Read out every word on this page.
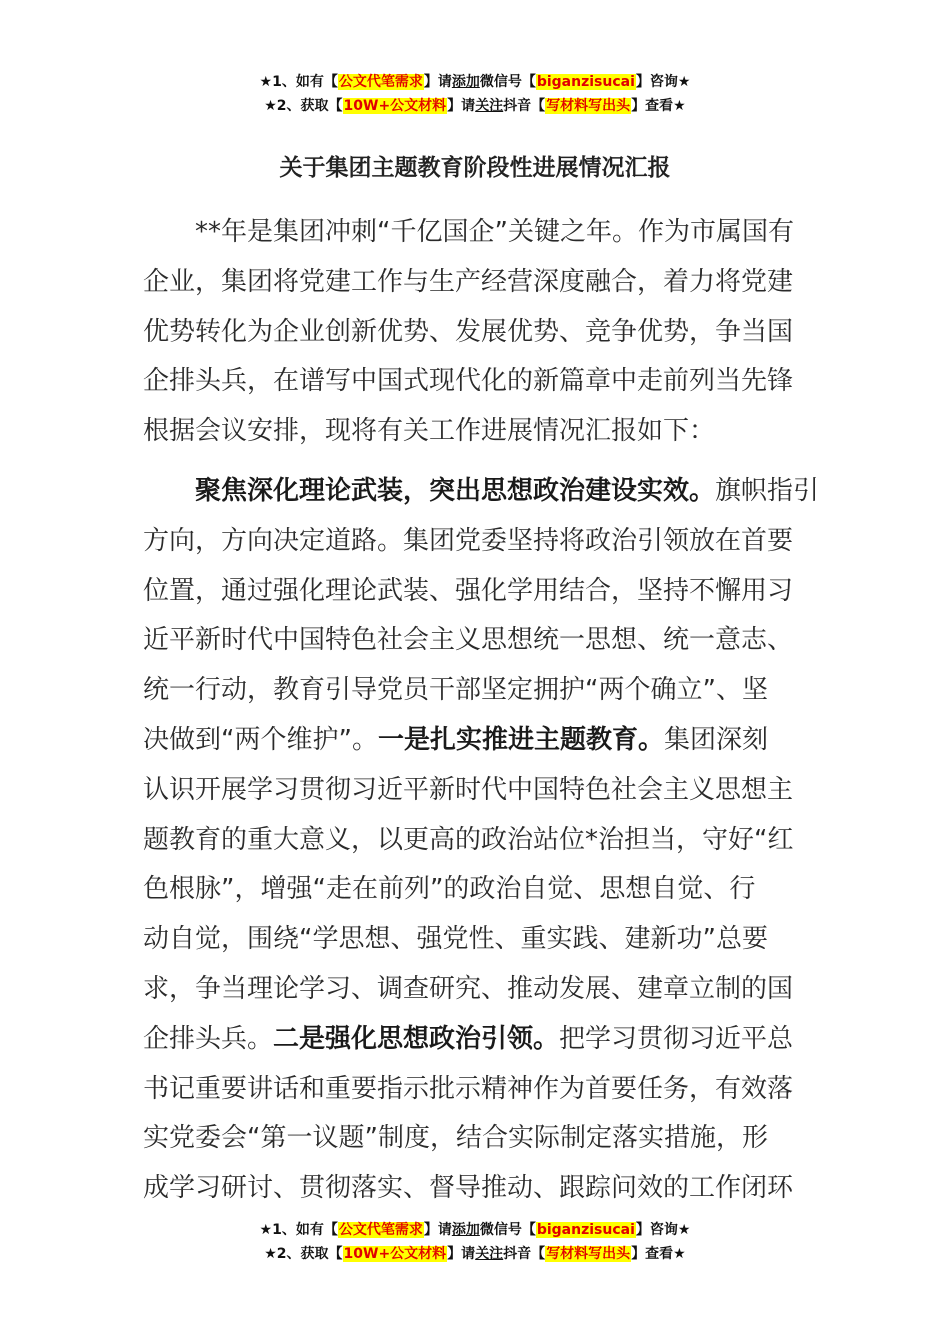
★1、如有【公文代笔需求】请添加微信号【biganzisucai】咨询★
★2、获取【10W+公文材料】请关注抖音【写材料写出头】查看★
关于集团主题教育阶段性进展情况汇报
**年是集团冲刺“千亿国企”关键之年。作为市属国有
企业，集团将党建工作与生产经营深度融合，着力将党建
优势转化为企业创新优势、发展优势、竞争优势，争当国
企排头兵，在谱写中国式现代化的新篇章中走前列当先锋
根据会议安排，现将有关工作进展情况汇报如下：
聚焦深化理论武装，突出思想政治建设实效。旗帜指引
方向，方向决定道路。集团党委坚持将政治引领放在首要
位置，通过强化理论武装、强化学用结合，坚持不懈用习
近平新时代中国特色社会主义思想统一思想、统一意志、
统一行动，教育引导党员干部坚定拥护“两个确立”、坚
决做到“两个维护”。一是扎实推进主题教育。集团深刻
认识开展学习贯彻习近平新时代中国特色社会主义思想主
题教育的重大意义，以更高的政治站位*治担当，守好“红
色根脉”，增强“走在前列”的政治自觉、思想自觉、行
动自觉，围绕“学思想、强党性、重实践、建新功”总要
求，争当理论学习、调查研究、推动发展、建章立制的国
企排头兵。二是强化思想政治引领。把学习贯彻习近平总
书记重要讲话和重要指示批示精神作为首要任务，有效落
实党委会“第一议题”制度，结合实际制定落实措施，形
成学习研讨、贯彻落实、督导推动、跟踪问效的工作闭环
★1、如有【公文代笔需求】请添加微信号【biganzisucai】咨询★
★2、获取【10W+公文材料】请关注抖音【写材料写出头】查看★
